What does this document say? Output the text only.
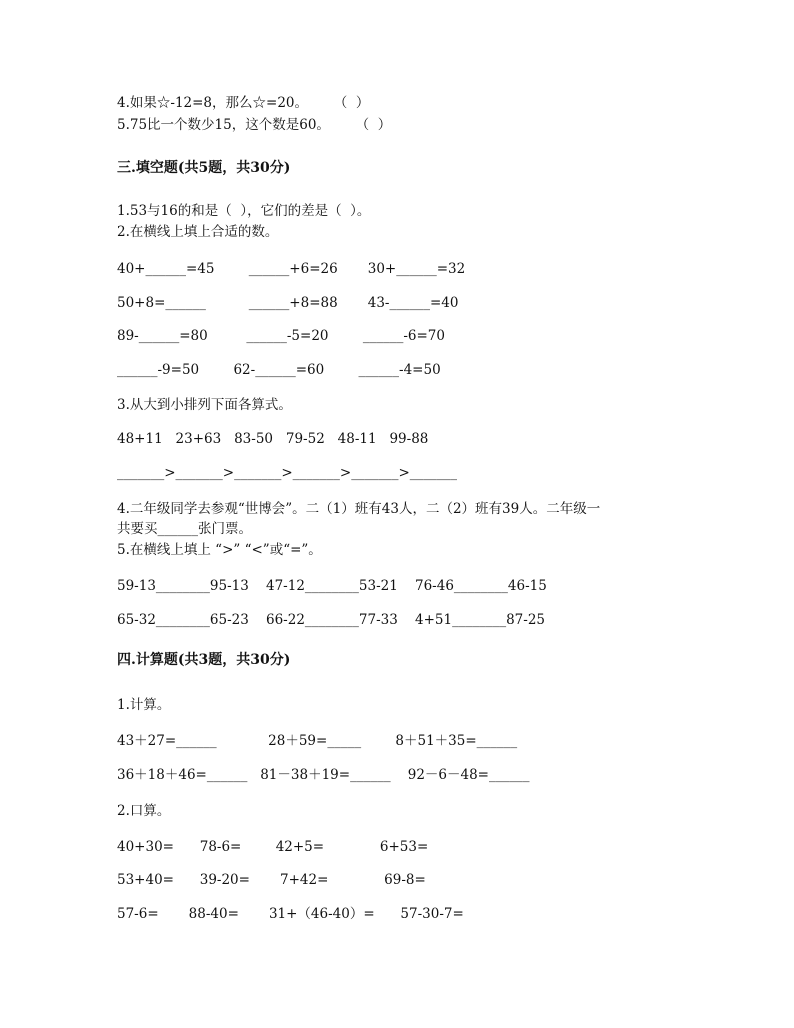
4.如果☆-12=8，那么☆=20。      （  ）
5.75比一个数少15，这个数是60。      （  ）
三.填空题(共5题，共30分)
1.53与16的和是（  ），它们的差是（  ）。
2.在横线上填上合适的数。
40+______=45        ______+6=26       30+______=32
50+8=______          ______+8=88       43-______=40
89-______=80         ______-5=20        ______-6=70
______-9=50        62-______=60        ______-4=50
3.从大到小排列下面各算式。
48+11   23+63   83-50   79-52   48-11   99-88
_______>_______>_______>_______>_______>_______
4.二年级同学去参观“世博会”。二（1）班有43人，二（2）班有39人。二年级一
共要买______张门票。
5.在横线上填上 “>” “<”或“=”。
59-13________95-13    47-12________53-21    76-46________46-15
65-32________65-23    66-22________77-33    4+51________87-25
四.计算题(共3题，共30分)
1.计算。
43＋27=______            28＋59=_____        8＋51＋35=______
36＋18＋46=______   81－38＋19=______    92－6－48=______
2.口算。
40+30=      78-6=        42+5=             6+53=
53+40=      39-20=       7+42=             69-8=
57-6=       88-40=       31+（46-40）=      57-30-7=
